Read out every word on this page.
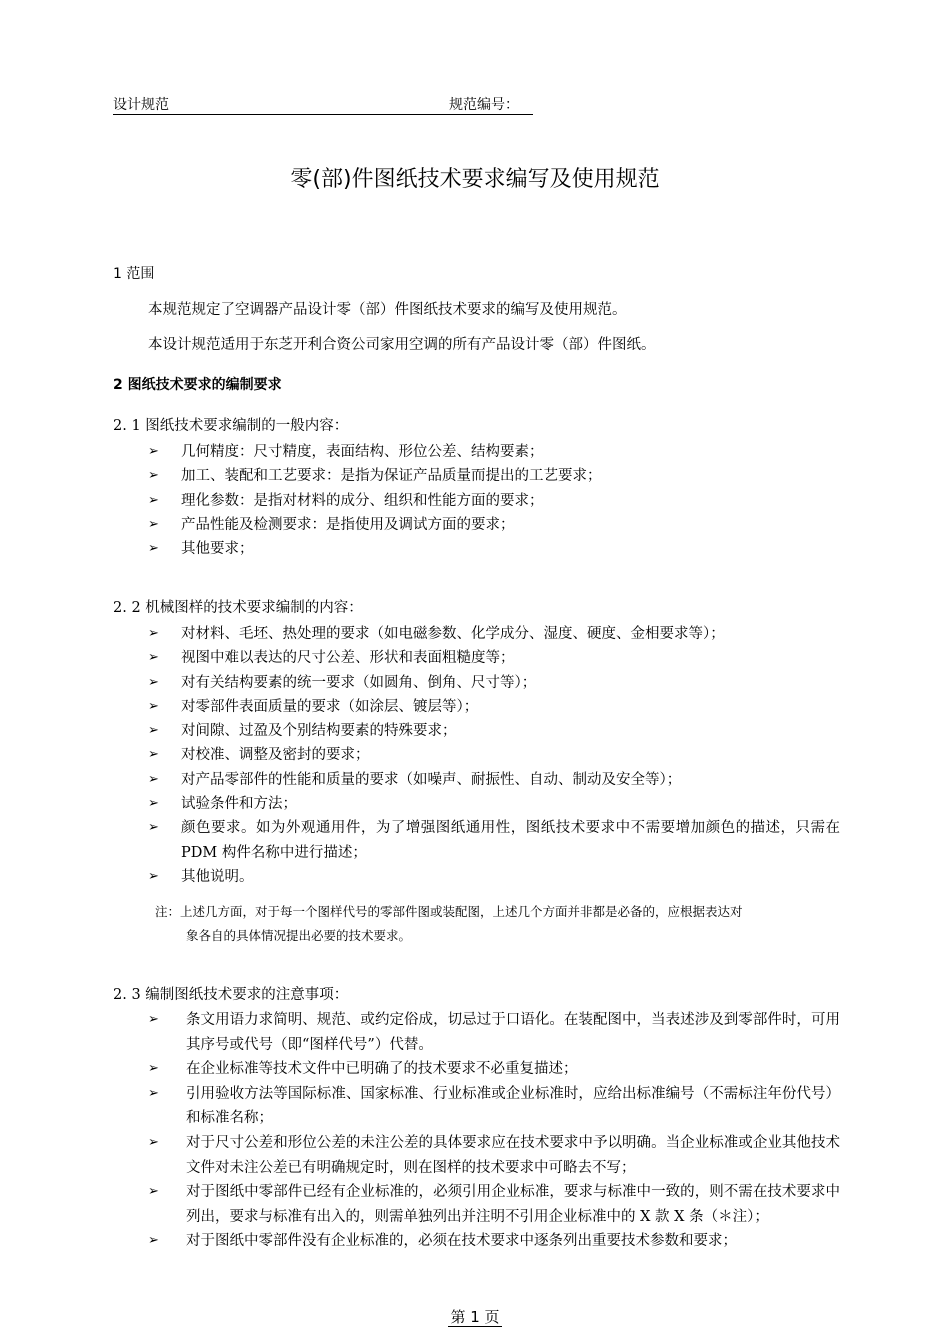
设计规范	规范编号：
零(部)件图纸技术要求编写及使用规范
1 范围
本规范规定了空调器产品设计零（部）件图纸技术要求的编写及使用规范。
本设计规范适用于东芝开利合资公司家用空调的所有产品设计零（部）件图纸。
2 图纸技术要求的编制要求
2. 1 图纸技术要求编制的一般内容：
➢ 几何精度：尺寸精度，表面结构、形位公差、结构要素；
➢ 加工、装配和工艺要求：是指为保证产品质量而提出的工艺要求；
➢ 理化参数：是指对材料的成分、组织和性能方面的要求；
➢ 产品性能及检测要求：是指使用及调试方面的要求；
➢ 其他要求；
2. 2 机械图样的技术要求编制的内容：
➢ 对材料、毛坯、热处理的要求（如电磁参数、化学成分、湿度、硬度、金相要求等）；
➢ 视图中难以表达的尺寸公差、形状和表面粗糙度等；
➢ 对有关结构要素的统一要求（如圆角、倒角、尺寸等）；
➢ 对零部件表面质量的要求（如涂层、镀层等）；
➢ 对间隙、过盈及个别结构要素的特殊要求；
➢ 对校准、调整及密封的要求；
➢ 对产品零部件的性能和质量的要求（如噪声、耐振性、自动、制动及安全等）；
➢ 试验条件和方法；
➢ 颜色要求。如为外观通用件，为了增强图纸通用性，图纸技术要求中不需要增加颜色的描述，只需在 PDM 构件名称中进行描述；
➢ 其他说明。
注：上述几方面，对于每一个图样代号的零部件图或装配图，上述几个方面并非都是必备的，应根据表达对
象各自的具体情况提出必要的技术要求。
2. 3 编制图纸技术要求的注意事项：
➢ 条文用语力求简明、规范、或约定俗成，切忌过于口语化。在装配图中，当表述涉及到零部件时，可用其序号或代号（即“图样代号”）代替。
➢ 在企业标准等技术文件中已明确了的技术要求不必重复描述；
➢ 引用验收方法等国际标准、国家标准、行业标准或企业标准时，应给出标准编号（不需标注年份代号）和标准名称；
➢ 对于尺寸公差和形位公差的未注公差的具体要求应在技术要求中予以明确。当企业标准或企业其他技术文件对未注公差已有明确规定时，则在图样的技术要求中可略去不写；
➢ 对于图纸中零部件已经有企业标准的，必须引用企业标准，要求与标准中一致的，则不需在技术要求中列出，要求与标准有出入的，则需单独列出并注明不引用企业标准中的 X 款 X 条（＊注）；
➢ 对于图纸中零部件没有企业标准的，必须在技术要求中逐条列出重要技术参数和要求；
第 1 页
